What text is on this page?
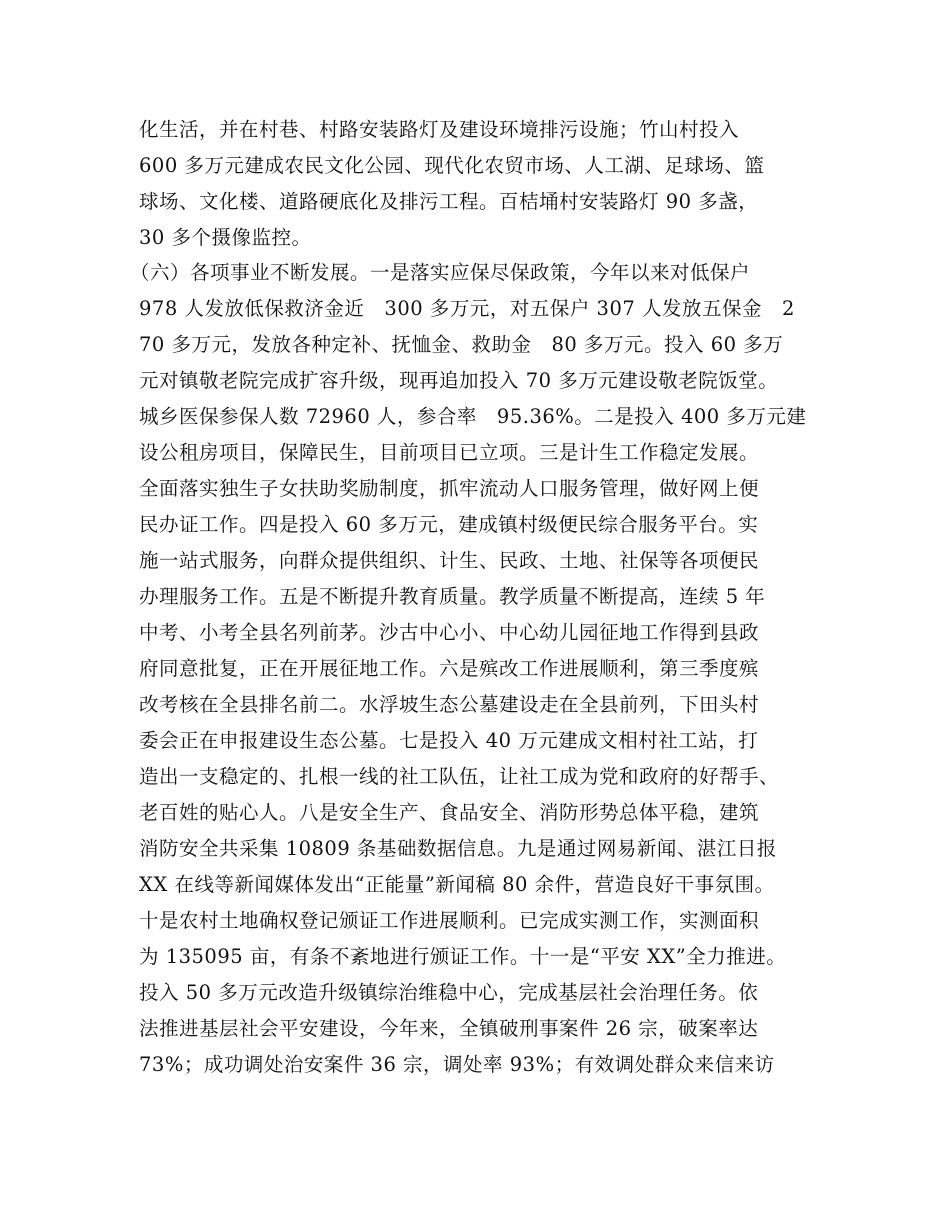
化生活，并在村巷、村路安装路灯及建设环境排污设施；竹山村投入
600 多万元建成农民文化公园、现代化农贸市场、人工湖、足球场、篮
球场、文化楼、道路硬底化及排污工程。百桔埇村安装路灯 90 多盏，
30 多个摄像监控。
（六）各项事业不断发展。一是落实应保尽保政策，今年以来对低保户
978 人发放低保救济金近　300 多万元，对五保户 307 人发放五保金　2
70 多万元，发放各种定补、抚恤金、救助金　80 多万元。投入 60 多万
元对镇敬老院完成扩容升级，现再追加投入 70 多万元建设敬老院饭堂。
城乡医保参保人数 72960 人，参合率　95.36%。二是投入 400 多万元建
设公租房项目，保障民生，目前项目已立项。三是计生工作稳定发展。
全面落实独生子女扶助奖励制度，抓牢流动人口服务管理，做好网上便
民办证工作。四是投入 60 多万元，建成镇村级便民综合服务平台。实
施一站式服务，向群众提供组织、计生、民政、土地、社保等各项便民
办理服务工作。五是不断提升教育质量。教学质量不断提高，连续 5 年
中考、小考全县名列前茅。沙古中心小、中心幼儿园征地工作得到县政
府同意批复，正在开展征地工作。六是殡改工作进展顺利，第三季度殡
改考核在全县排名前二。水浮坡生态公墓建设走在全县前列，下田头村
委会正在申报建设生态公墓。七是投入 40 万元建成文相村社工站，打
造出一支稳定的、扎根一线的社工队伍，让社工成为党和政府的好帮手、
老百姓的贴心人。八是安全生产、食品安全、消防形势总体平稳，建筑
消防安全共采集 10809 条基础数据信息。九是通过网易新闻、湛江日报
XX 在线等新闻媒体发出“正能量”新闻稿 80 余件，营造良好干事氛围。
十是农村土地确权登记颁证工作进展顺利。已完成实测工作，实测面积
为 135095 亩，有条不紊地进行颁证工作。十一是“平安 XX”全力推进。
投入 50 多万元改造升级镇综治维稳中心，完成基层社会治理任务。依
法推进基层社会平安建设，今年来，全镇破刑事案件 26 宗，破案率达
73%；成功调处治安案件 36 宗，调处率 93%；有效调处群众来信来访
